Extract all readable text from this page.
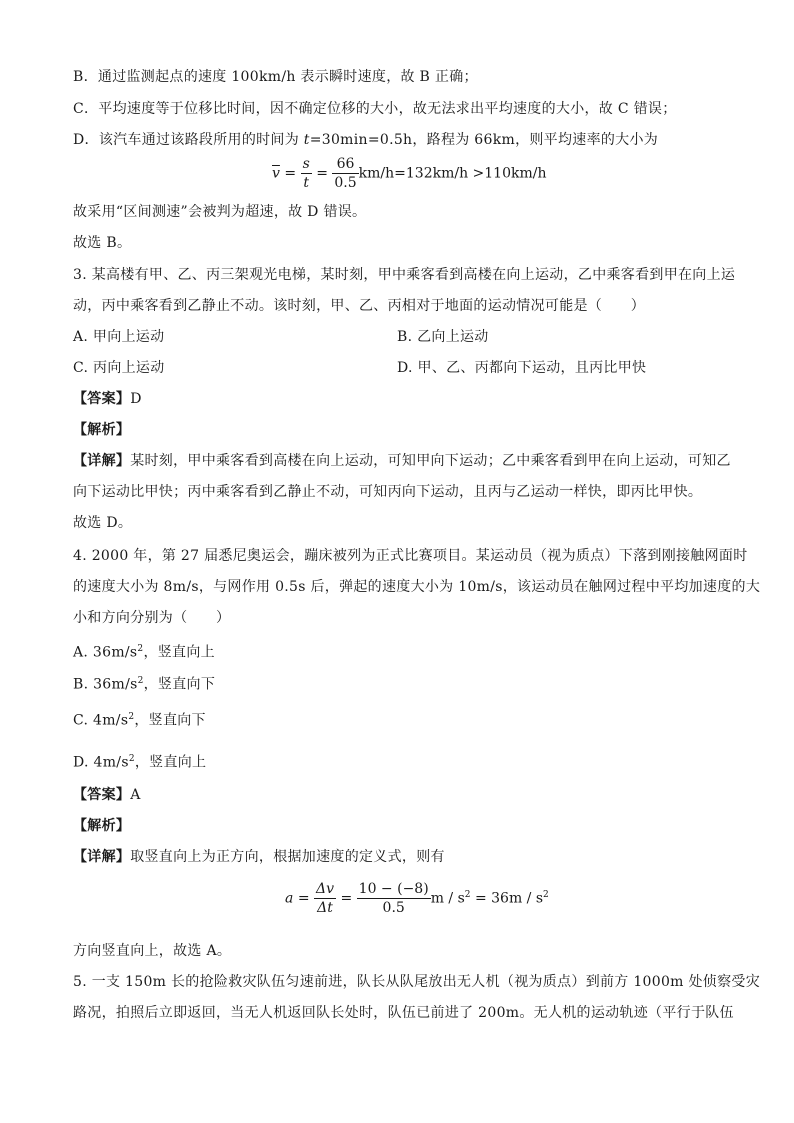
B．通过监测起点的速度 100km/h 表示瞬时速度，故 B 正确；
C．平均速度等于位移比时间，因不确定位移的大小，故无法求出平均速度的大小，故 C 错误；
D．该汽车通过该路段所用的时间为 t=30min=0.5h，路程为 66km，则平均速率的大小为
$\overline{v} = \frac{s}{t} = \frac{66}{0.5} km/h=132km/h >110km/h$
故采用“区间测速”会被判为超速，故 D 错误。
故选 B。
3. 某高楼有甲、乙、丙三架观光电梯，某时刻，甲中乘客看到高楼在向上运动，乙中乘客看到甲在向上运
动，丙中乘客看到乙静止不动。该时刻，甲、乙、丙相对于地面的运动情况可能是（　　）
A. 甲向上运动	B. 乙向上运动
C. 丙向上运动	D. 甲、乙、丙都向下运动，且丙比甲快
【答案】D
【解析】
【详解】某时刻，甲中乘客看到高楼在向上运动，可知甲向下运动；乙中乘客看到甲在向上运动，可知乙
向下运动比甲快；丙中乘客看到乙静止不动，可知丙向下运动，且丙与乙运动一样快，即丙比甲快。
故选 D。
4. 2000 年，第 27 届悉尼奥运会，蹦床被列为正式比赛项目。某运动员（视为质点）下落到刚接触网面时
的速度大小为 8m/s，与网作用 0.5s 后，弹起的速度大小为 10m/s，该运动员在触网过程中平均加速度的大
小和方向分别为（　　）
A. $36m/s^2$，竖直向上
B. $36m/s^2$，竖直向下
C. $4m/s^2$，竖直向下
D. $4m/s^2$，竖直向上
【答案】A
【解析】
【详解】取竖直向上为正方向，根据加速度的定义式，则有
$a = \frac{\Delta v}{\Delta t} = \frac{10 - (-8)}{0.5}$ $m / s^2 = 36m / s^2$
方向竖直向上，故选 A。
5. 一支 150m 长的抢险救灾队伍匀速前进，队长从队尾放出无人机（视为质点）到前方 1000m 处侦察受灾
路况，拍照后立即返回，当无人机返回队长处时，队伍已前进了 200m。无人机的运动轨迹（平行于队伍
